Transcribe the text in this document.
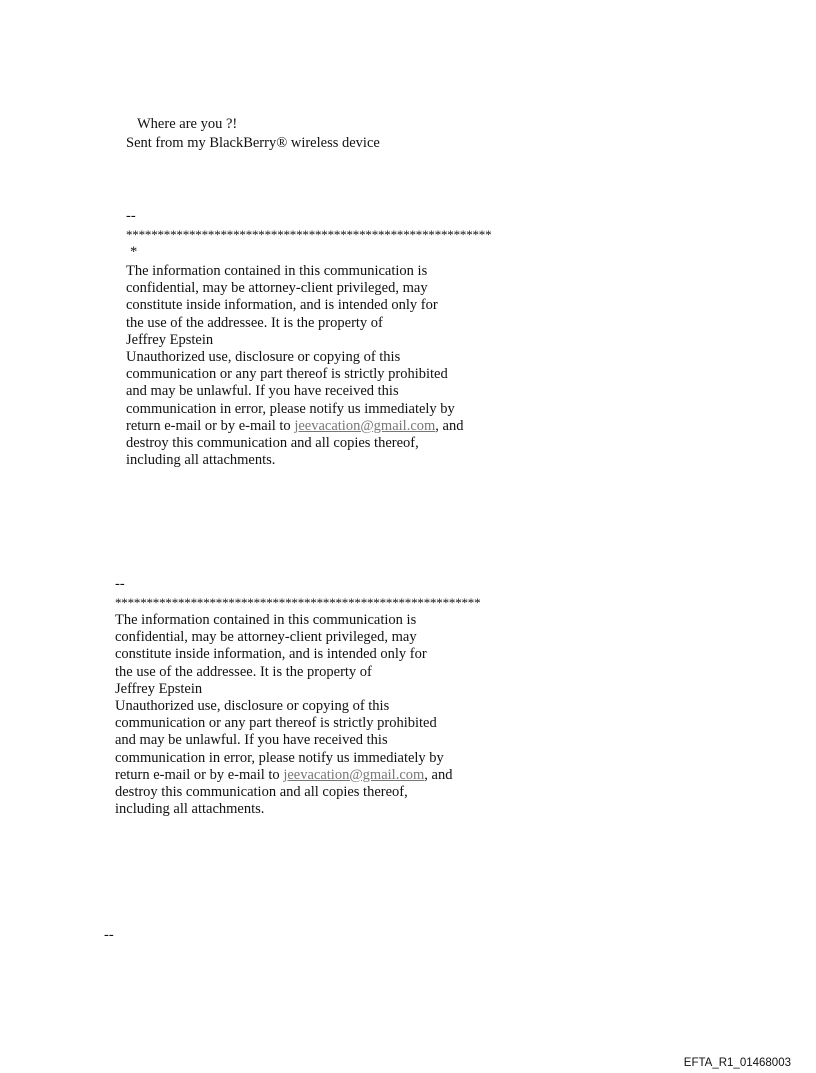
Where are you ?!

Sent from my BlackBerry® wireless device

--

**********************************************************

*

The information contained in this communication is
confidential, may be attorney-client privileged, may
constitute inside information, and is intended only for
the use of the addressee. It is the property of
Jeffrey Epstein
Unauthorized use, disclosure or copying of this
communication or any part thereof is strictly prohibited
and may be unlawful. If you have received this
communication in error, please notify us immediately by
return e-mail or by e-mail to jeevacation@gmail.com, and
destroy this communication and all copies thereof,
including all attachments.

--

**********************************************************

The information contained in this communication is
confidential, may be attorney-client privileged, may
constitute inside information, and is intended only for
the use of the addressee. It is the property of
Jeffrey Epstein
Unauthorized use, disclosure or copying of this
communication or any part thereof is strictly prohibited
and may be unlawful. If you have received this
communication in error, please notify us immediately by
return e-mail or by e-mail to jeevacation@gmail.com, and
destroy this communication and all copies thereof,
including all attachments.

--

EFTA_R1_01468003
